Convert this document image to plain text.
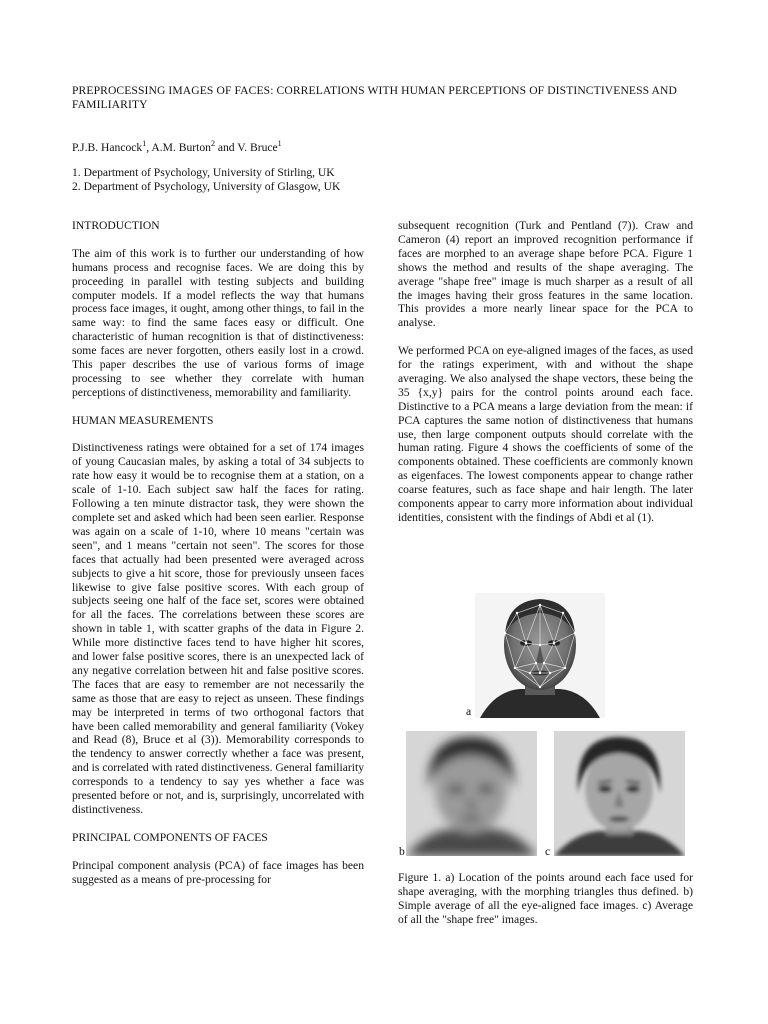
PREPROCESSING IMAGES OF FACES: CORRELATIONS WITH HUMAN PERCEPTIONS OF DISTINCTIVENESS AND FAMILIARITY
P.J.B. Hancock$^1$, A.M. Burton$^2$ and V. Bruce$^1$
1. Department of Psychology, University of Stirling, UK
2. Department of Psychology, University of Glasgow, UK
INTRODUCTION

The aim of this work is to further our understanding of how humans process and recognise faces. We are doing this by proceeding in parallel with testing subjects and building computer models. If a model reflects the way that humans process face images, it ought, among other things, to fail in the same way: to find the same faces easy or difficult. One characteristic of human recognition is that of distinctiveness: some faces are never forgotten, others easily lost in a crowd. This paper describes the use of various forms of image processing to see whether they correlate with human perceptions of distinctiveness, memorability and familiarity.

HUMAN MEASUREMENTS

Distinctiveness ratings were obtained for a set of 174 images of young Caucasian males, by asking a total of 34 subjects to rate how easy it would be to recognise them at a station, on a scale of 1-10. Each subject saw half the faces for rating. Following a ten minute distractor task, they were shown the complete set and asked which had been seen earlier. Response was again on a scale of 1-10, where 10 means "certain was seen", and 1 means "certain not seen". The scores for those faces that actually had been presented were averaged across subjects to give a hit score, those for previously unseen faces likewise to give false positive scores. With each group of subjects seeing one half of the face set, scores were obtained for all the faces. The correlations between these scores are shown in table 1, with scatter graphs of the data in Figure 2. While more distinctive faces tend to have higher hit scores, and lower false positive scores, there is an unexpected lack of any negative correlation between hit and false positive scores. The faces that are easy to remember are not necessarily the same as those that are easy to reject as unseen. These findings may be interpreted in terms of two orthogonal factors that have been called memorability and general familiarity (Vokey and Read (8), Bruce et al (3)). Memorability corresponds to the tendency to answer correctly whether a face was present, and is correlated with rated distinctiveness. General familiarity corresponds to a tendency to say yes whether a face was presented before or not, and is, surprisingly, uncorrelated with distinctiveness.

PRINCIPAL COMPONENTS OF FACES

Principal component analysis (PCA) of face images has been suggested as a means of pre-processing for

subsequent recognition (Turk and Pentland (7)). Craw and Cameron (4) report an improved recognition performance if faces are morphed to an average shape before PCA. Figure 1 shows the method and results of the shape averaging. The average "shape free" image is much sharper as a result of all the images having their gross features in the same location. This provides a more nearly linear space for the PCA to analyse.

We performed PCA on eye-aligned images of the faces, as used for the ratings experiment, with and without the shape averaging. We also analysed the shape vectors, these being the 35 {x,y} pairs for the control points around each face. Distinctive to a PCA means a large deviation from the mean: if PCA captures the same notion of distinctiveness that humans use, then large component outputs should correlate with the human rating. Figure 4 shows the coefficients of some of the components obtained. These coefficients are commonly known as eigenfaces. The lowest components appear to change rather coarse features, such as face shape and hair length. The later components appear to carry more information about individual identities, consistent with the findings of Abdi et al (1).

a
b	c
Figure 1. a) Location of the points around each face used for shape averaging, with the morphing triangles thus defined. b) Simple average of all the eye-aligned face images. c) Average of all the "shape free" images.
